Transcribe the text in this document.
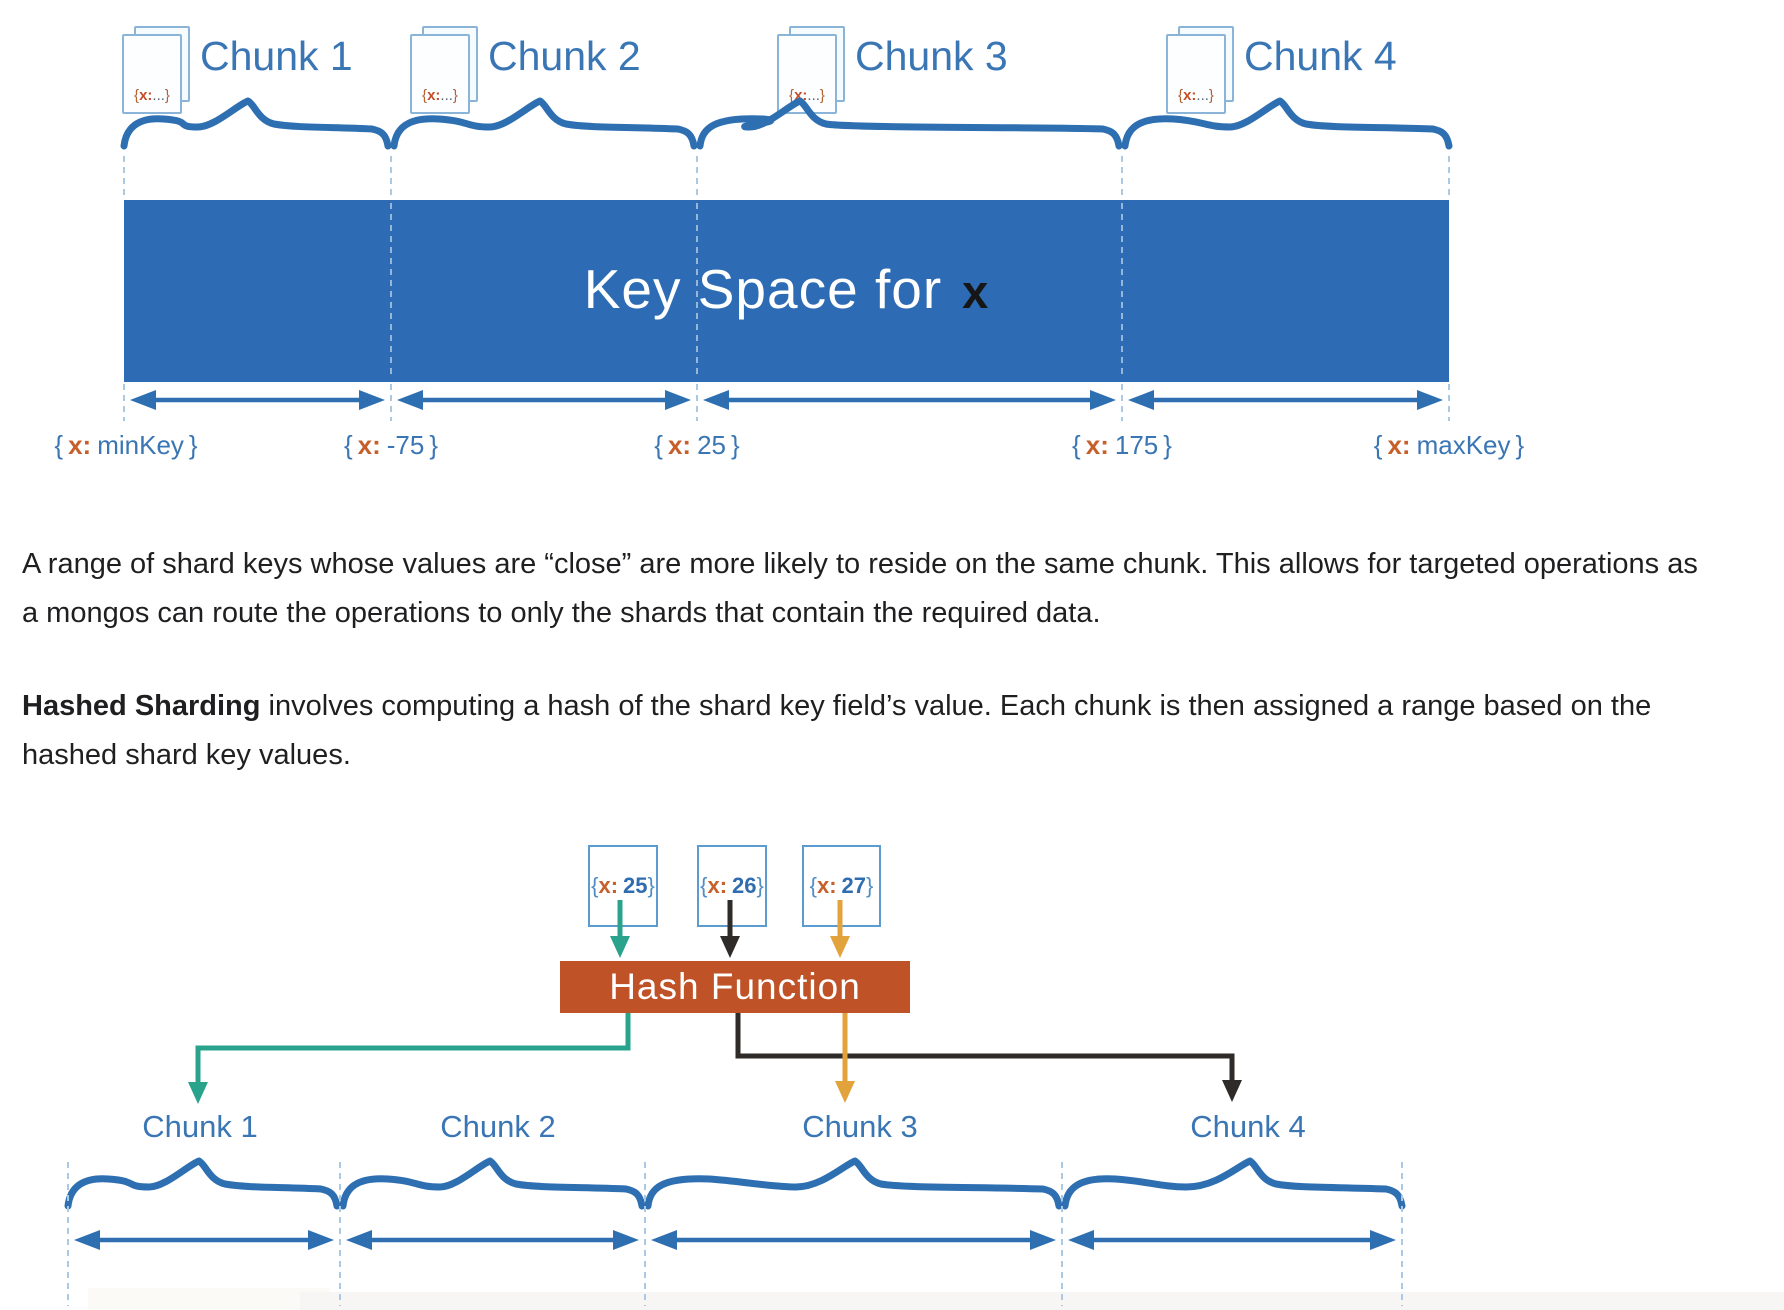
Key Space for x
{x:...}
Chunk 1
{x:...}
Chunk 2
{x:...}
Chunk 3
{x:...}
Chunk 4
{ x: minKey }	{ x: -75 }	{ x: 25 }	{ x: 175 }	{ x: maxKey }

A range of shard keys whose values are “close” are more likely to reside on the same chunk. This allows for targeted operations as a mongos can route the operations to only the shards that contain the required data.

Hashed Sharding involves computing a hash of the shard key field’s value. Each chunk is then assigned a range based on the hashed shard key values.

{ x: 25 } { x: 26 } { x: 27 }
Hash Function
Chunk 1	Chunk 2	Chunk 3	Chunk 4
